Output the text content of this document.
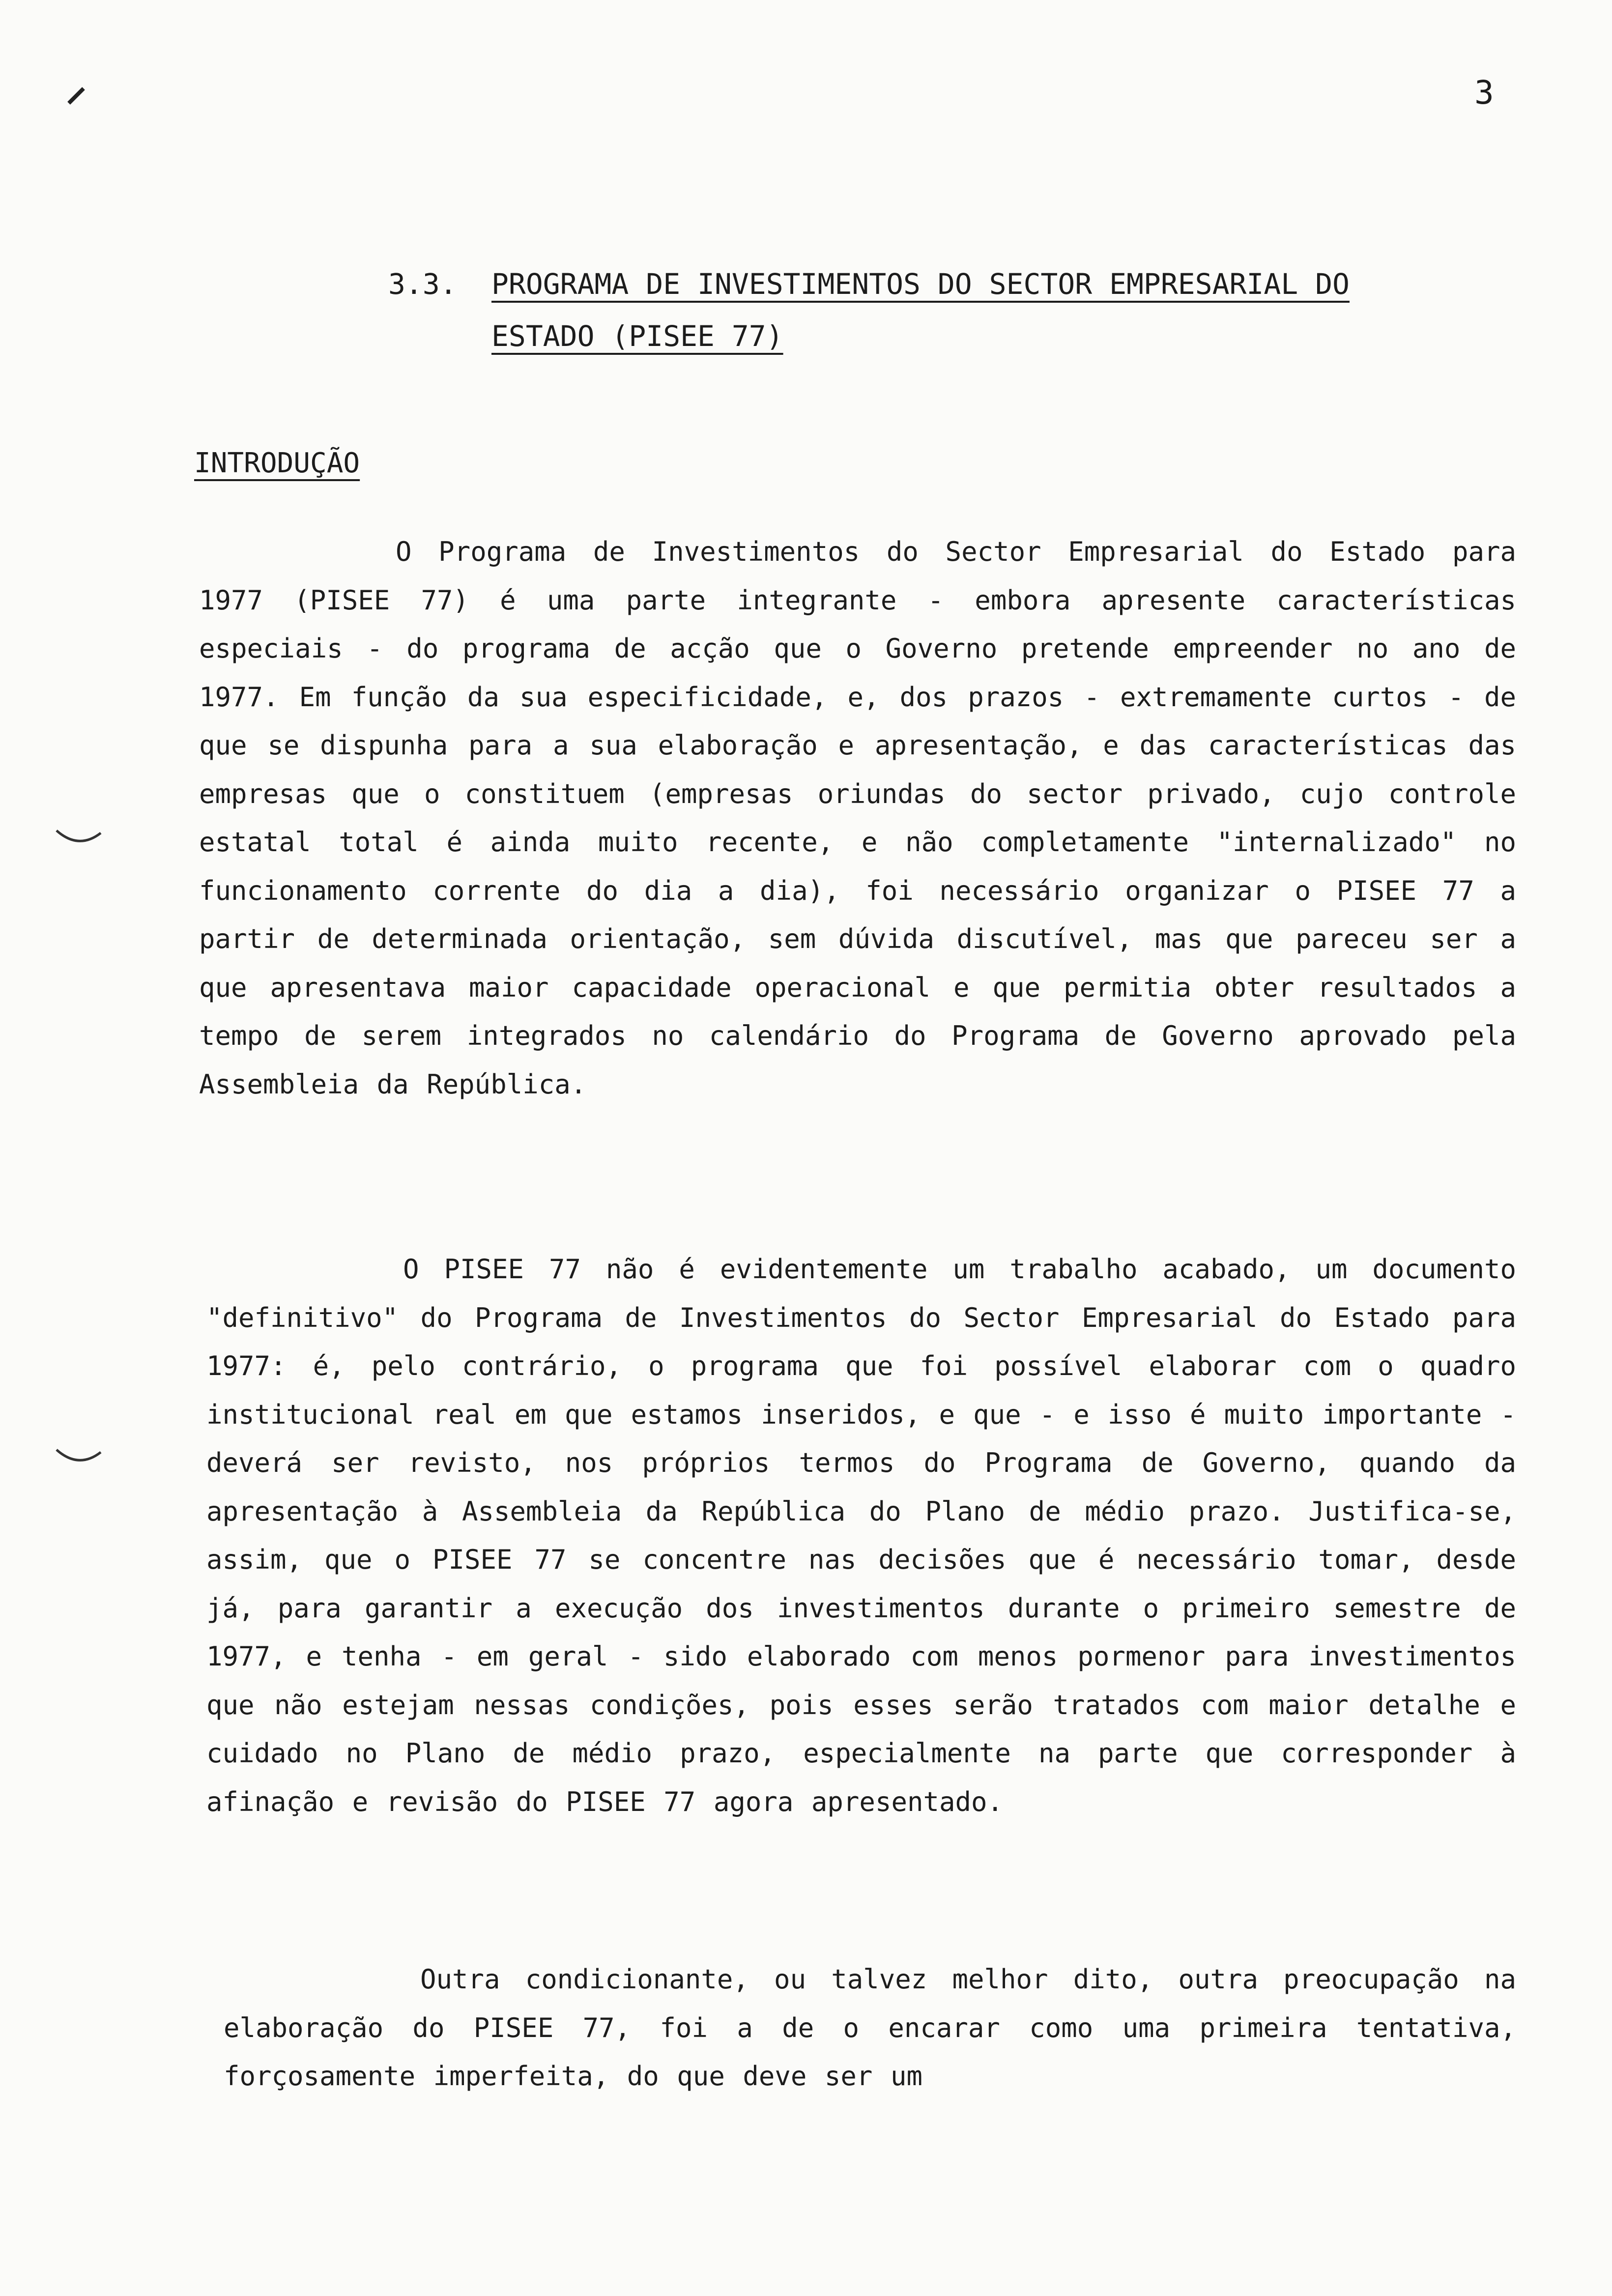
3
3.3. PROGRAMA DE INVESTIMENTOS DO SECTOR EMPRESARIAL DO ESTADO (PISEE 77)
INTRODUÇÃO

O Programa de Investimentos do Sector Empresarial do Estado para 1977 (PISEE 77) é uma parte integrante - embora apresente características especiais - do programa de acção que o Governo pretende empreender no ano de 1977. Em função da sua especificidade, e, dos prazos - extremamente curtos - de que se dispunha para a sua elaboração e apresentação, e das características das empresas que o constituem (empresas oriundas do sector privado, cujo controle estatal total é ainda muito recente, e não completamente "internalizado" no funcionamento corrente do dia a dia), foi necessário organizar o PISEE 77 a partir de determinada orientação, sem dúvida discutível, mas que pareceu ser a que apresentava maior capacidade operacional e que permitia obter resultados a tempo de serem integrados no calendário do Programa de Governo aprovado pela Assembleia da República.

O PISEE 77 não é evidentemente um trabalho acabado, um documento "definitivo" do Programa de Investimentos do Sector Empresarial do Estado para 1977: é, pelo contrário, o programa que foi possível elaborar com o quadro institucional real em que estamos inseridos, e que - e isso é muito importante - deverá ser revisto, nos próprios termos do Programa de Governo, quando da apresentação à Assembleia da República do Plano de médio prazo. Justifica-se, assim, que o PISEE 77 se concentre nas decisões que é necessário tomar, desde já, para garantir a execução dos investimentos durante o primeiro semestre de 1977, e tenha - em geral - sido elaborado com menos pormenor para investimentos que não estejam nessas condições, pois esses serão tratados com maior detalhe e cuidado no Plano de médio prazo, especialmente na parte que corresponder à afinação e revisão do PISEE 77 agora apresentado.

Outra condicionante, ou talvez melhor dito, outra preocupação na elaboração do PISEE 77, foi a de o encarar como uma primeira tentativa, forçosamente imperfeita, do que deve ser um
